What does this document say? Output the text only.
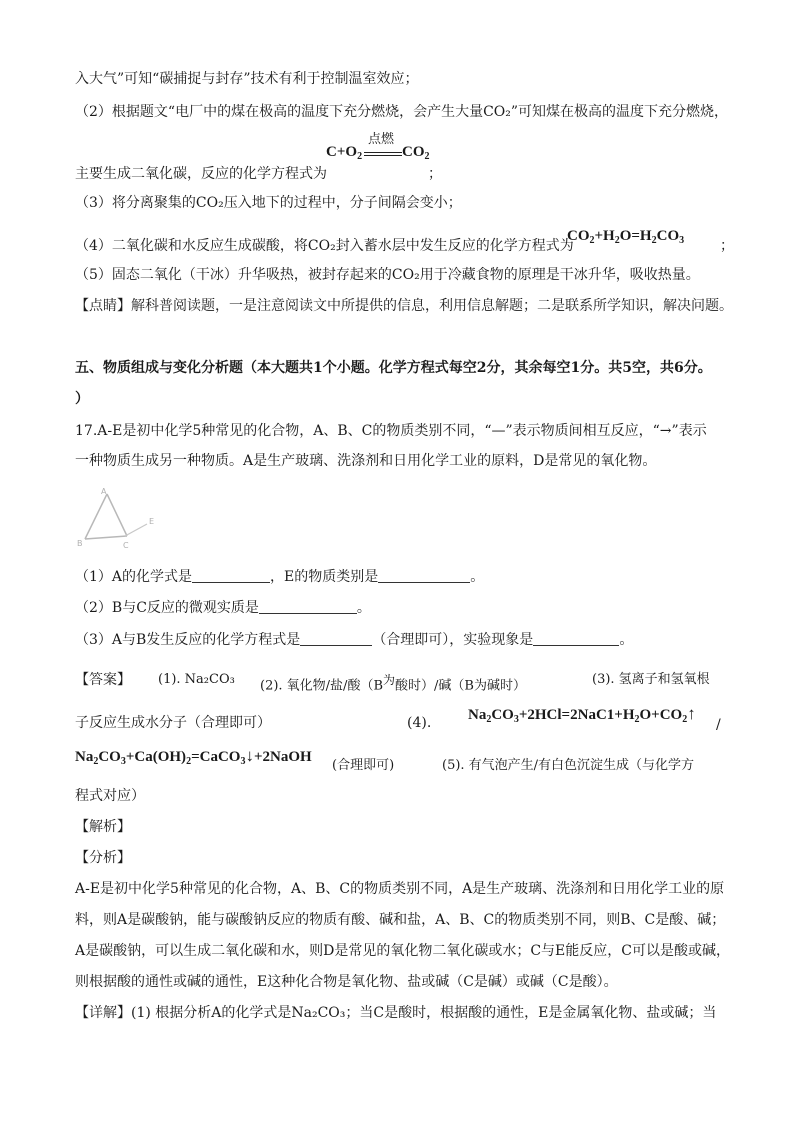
入大气”可知“碳捕捉与封存”技术有利于控制温室效应；
（2）根据题文“电厂中的煤在极高的温度下充分燃烧，会产生大量CO₂”可知煤在极高的温度下充分燃烧，
点燃
$C+O_2$	$CO_2$
主要生成二氧化碳，反应的化学方程式为	；
（3）将分离聚集的CO₂压入地下的过程中，分子间隔会变小；
（4）二氧化碳和水反应生成碳酸，将CO₂封入蓄水层中发生反应的化学方程式为
$CO_2+H_2O=H_2CO_3$	；
（5）固态二氧化（干冰）升华吸热，被封存起来的CO₂用于冷藏食物的原理是干冰升华，吸收热量。
【点睛】解科普阅读题，一是注意阅读文中所提供的信息，利用信息解题；二是联系所学知识，解决问题。
五、物质组成与变化分析题（本大题共1个小题。化学方程式每空2分，其余每空1分。共5空，共6分。
）
17.A-E是初中化学5种常见的化合物，A、B、C的物质类别不同，“—”表示物质间相互反应，“→”表示
一种物质生成另一种物质。A是生产玻璃、洗涤剂和日用化学工业的原料，D是常见的氧化物。
A
B	C
E
（1）A的化学式是	，E的物质类别是	。
（2）B与C反应的微观实质是	。
（3）A与B发生反应的化学方程式是	（合理即可），实验现象是	。
【答案】 (1). Na₂CO₃ (2). 氧化物/盐/酸（$B^为$酸时）/碱（B为碱时）	(3). 氢离子和氢氧根
子反应生成水分子（合理即可）	(4). $Na_2CO_3+2HCl=2NaC1+H_2O+CO_2↑$
/
$Na_2CO_3+Ca(OH)_2=CaCO_3↓+2NaOH$
(合理即可)	(5). 有气泡产生/有白色沉淀生成（与化学方
程式对应）
【解析】
【分析】
A-E是初中化学5种常见的化合物，A、B、C的物质类别不同，A是生产玻璃、洗涤剂和日用化学工业的原
料，则A是碳酸钠，能与碳酸钠反应的物质有酸、碱和盐，A、B、C的物质类别不同，则B、C是酸、碱；
A是碳酸钠，可以生成二氧化碳和水，则D是常见的氧化物二氧化碳或水；C与E能反应，C可以是酸或碱，
则根据酸的通性或碱的通性，E这种化合物是氧化物、盐或碱（C是碱）或碱（C是酸）。
【详解】(1) 根据分析A的化学式是Na₂CO₃；当C是酸时，根据酸的通性，E是金属氧化物、盐或碱；当
